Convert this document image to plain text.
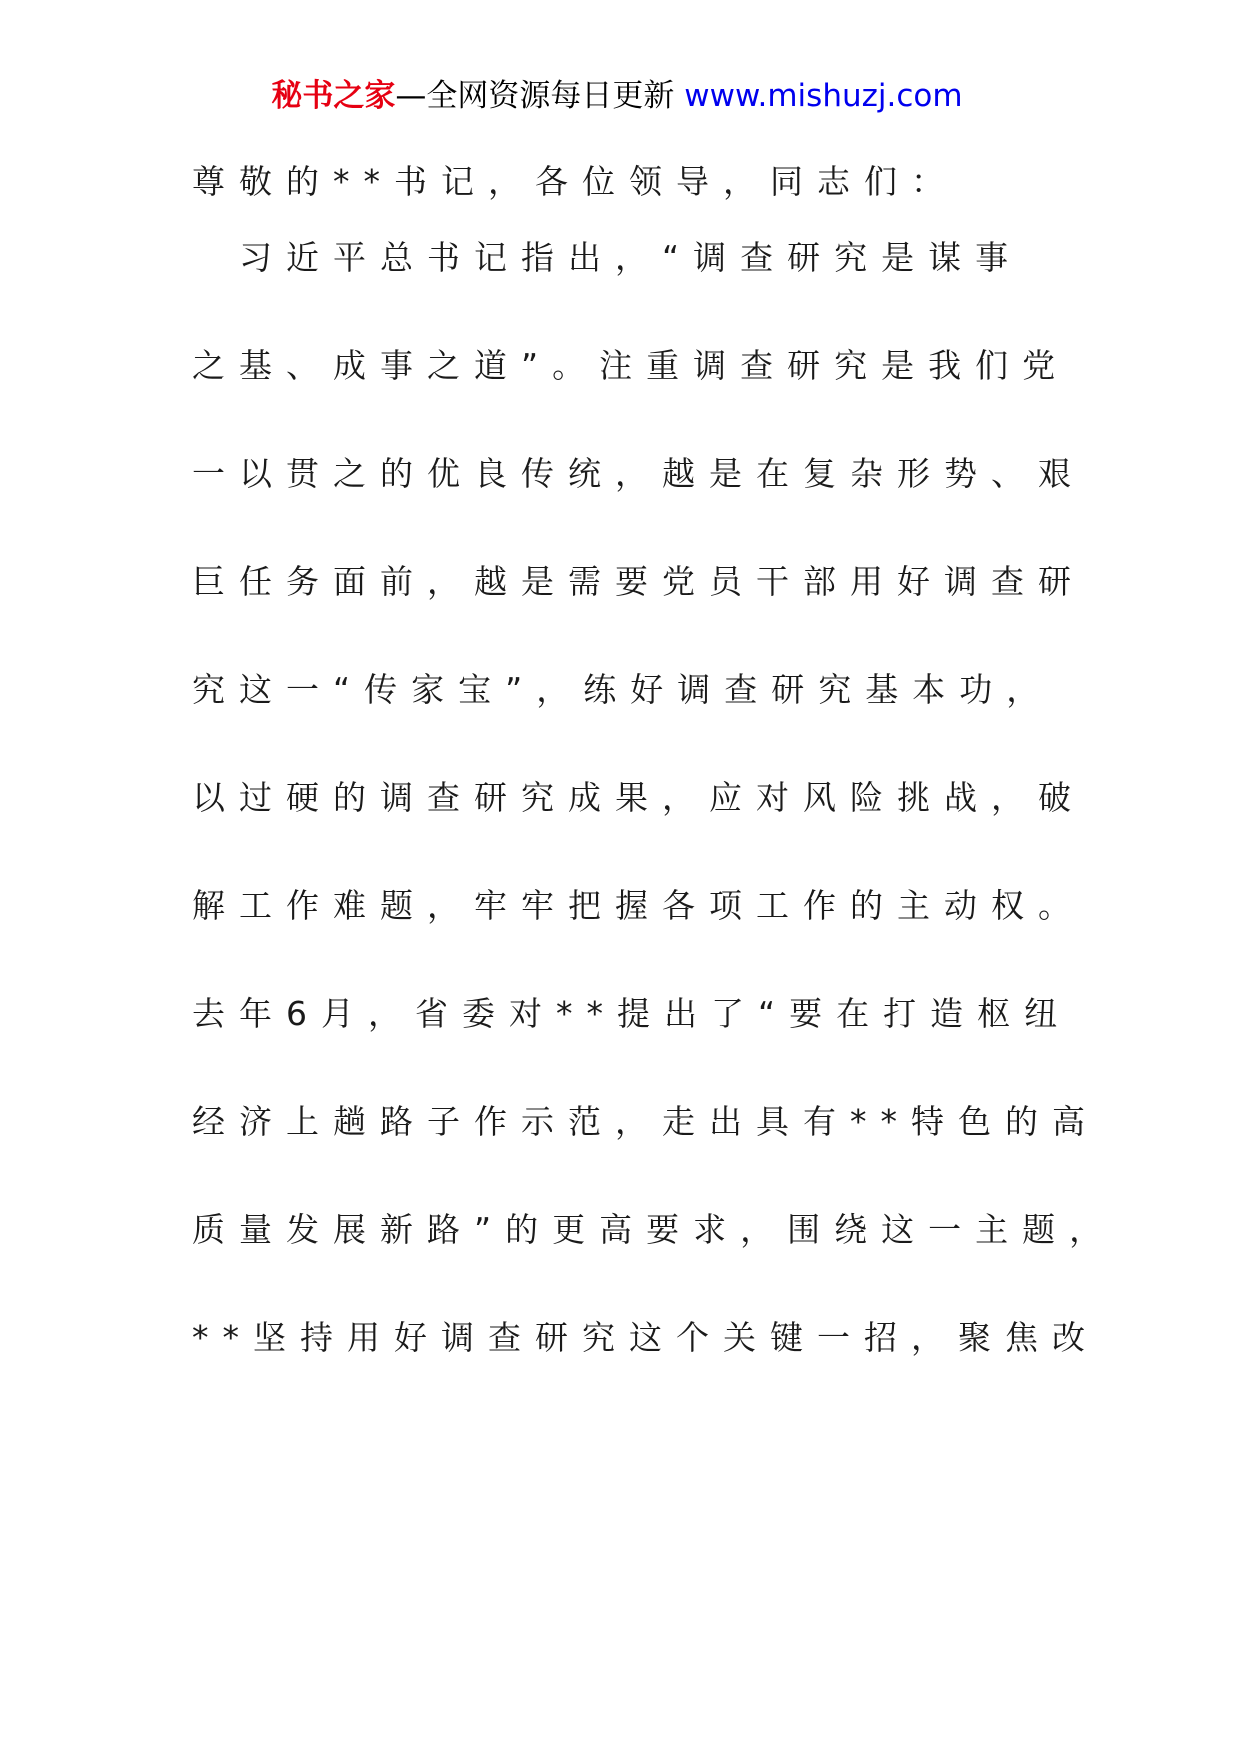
秘书之家—全网资源每日更新 www.mishuzj.com
尊敬的**书记，各位领导，同志们：
　习近平总书记指出，“调查研究是谋事
之基、成事之道”。注重调查研究是我们党
一以贯之的优良传统，越是在复杂形势、艰
巨任务面前，越是需要党员干部用好调查研
究这一“传家宝”，练好调查研究基本功，
以过硬的调查研究成果，应对风险挑战，破
解工作难题，牢牢把握各项工作的主动权。
去年6月，省委对**提出了“要在打造枢纽
经济上趟路子作示范，走出具有**特色的高
质量发展新路”的更高要求，围绕这一主题，
**坚持用好调查研究这个关键一招，聚焦改
